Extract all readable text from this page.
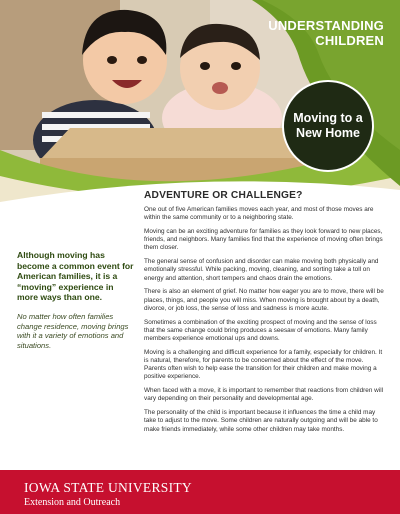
UNDERSTANDING CHILDREN
Moving to a New Home

Although moving has become a common event for American families, it is a “moving” experience in more ways than one.

No matter how often families change residence, moving brings with it a variety of emotions and situations.

ADVENTURE OR CHALLENGE?

One out of five American families moves each year, and most of those moves are within the same community or to a neighboring state.

Moving can be an exciting adventure for families as they look forward to new places, friends, and neighbors. Many families find that the experience of moving often brings them closer.

The general sense of confusion and disorder can make moving both physically and emotionally stressful. While packing, moving, cleaning, and sorting take a toll on energy and attention, short tempers and chaos drain the emotions.

There is also an element of grief. No matter how eager you are to move, there will be places, things, and people you will miss. When moving is brought about by a death, divorce, or job loss, the sense of loss and sadness is more acute.

Sometimes a combination of the exciting prospect of moving and the sense of loss that the same change could bring produces a seesaw of emotions. Many family members experience emotional ups and downs.

Moving is a challenging and difficult experience for a family, especially for children. It is natural, therefore, for parents to be concerned about the effect of the move. Parents often wish to help ease the transition for their children and make moving a positive experience.

When faced with a move, it is important to remember that reactions from children will vary depending on their personality and developmental age.

The personality of the child is important because it influences the time a child may take to adjust to the move. Some children are naturally outgoing and will be able to make friends immediately, while some other children may take months.

IOWA STATE UNIVERSITY
Extension and Outreach
